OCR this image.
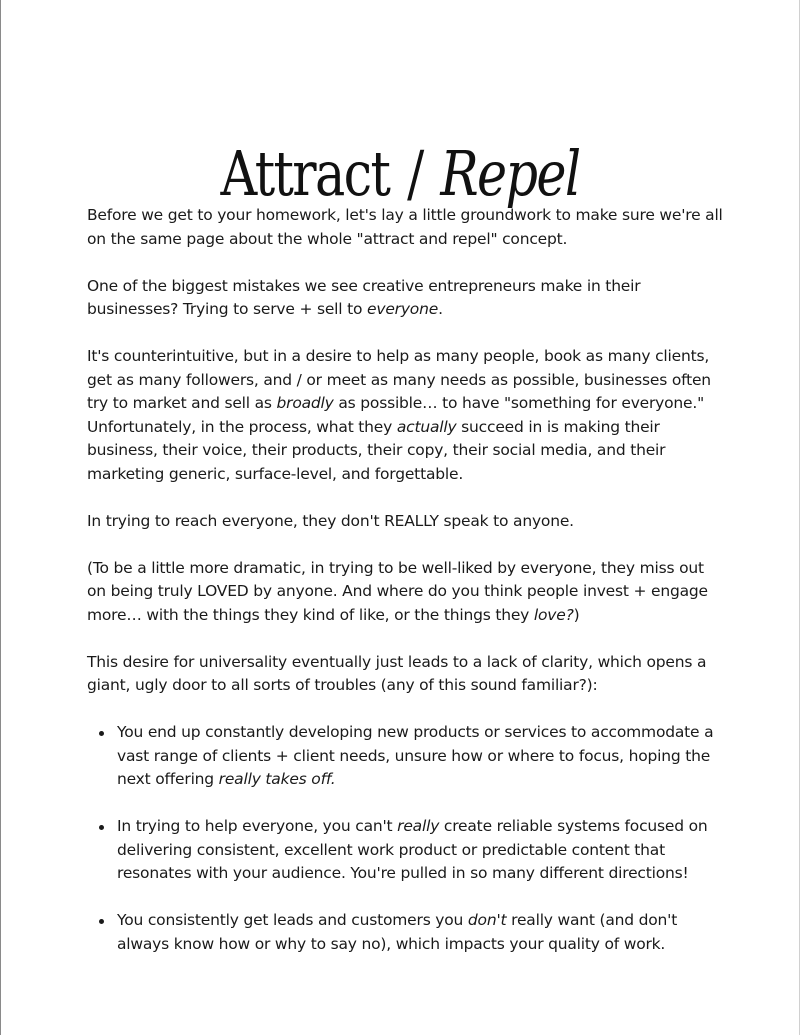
Attract / Repel

Before we get to your homework, let's lay a little groundwork to make sure we're all on the same page about the whole "attract and repel" concept.

One of the biggest mistakes we see creative entrepreneurs make in their businesses? Trying to serve + sell to everyone.

It's counterintuitive, but in a desire to help as many people, book as many clients, get as many followers, and / or meet as many needs as possible, businesses often try to market and sell as broadly as possible… to have "something for everyone." Unfortunately, in the process, what they actually succeed in is making their business, their voice, their products, their copy, their social media, and their marketing generic, surface-level, and forgettable.

In trying to reach everyone, they don't REALLY speak to anyone.

(To be a little more dramatic, in trying to be well-liked by everyone, they miss out on being truly LOVED by anyone. And where do you think people invest + engage more… with the things they kind of like, or the things they love?)

This desire for universality eventually just leads to a lack of clarity, which opens a giant, ugly door to all sorts of troubles (any of this sound familiar?):

You end up constantly developing new products or services to accommodate a vast range of clients + client needs, unsure how or where to focus, hoping the next offering really takes off.
In trying to help everyone, you can't really create reliable systems focused on delivering consistent, excellent work product or predictable content that resonates with your audience. You're pulled in so many different directions!
You consistently get leads and customers you don't really want (and don't always know how or why to say no), which impacts your quality of work.
